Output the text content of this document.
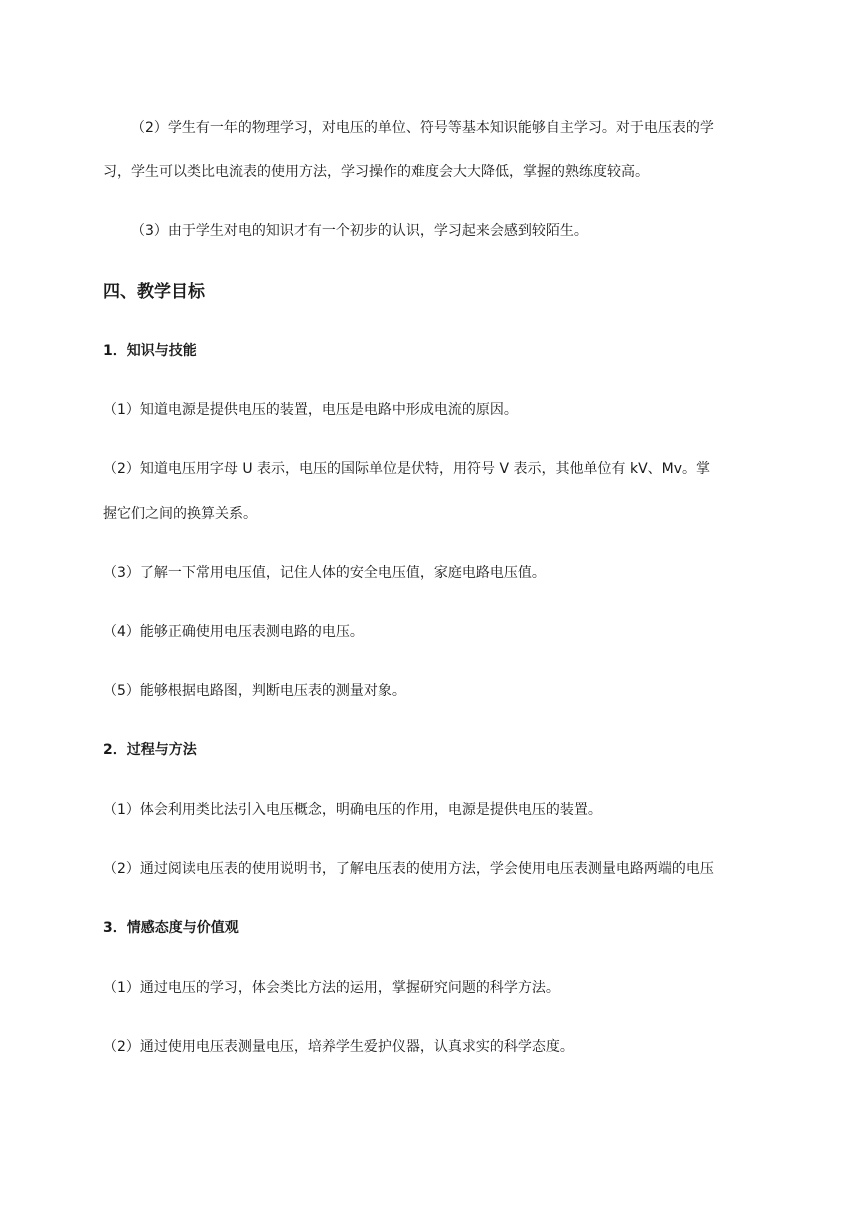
（2）学生有一年的物理学习，对电压的单位、符号等基本知识能够自主学习。对于电压表的学
习，学生可以类比电流表的使用方法，学习操作的难度会大大降低，掌握的熟练度较高。
（3）由于学生对电的知识才有一个初步的认识，学习起来会感到较陌生。
四、教学目标
1．知识与技能
（1）知道电源是提供电压的装置，电压是电路中形成电流的原因。
（2）知道电压用字母 U 表示，电压的国际单位是伏特，用符号 V 表示，其他单位有 kV、Mv。掌
握它们之间的换算关系。
（3）了解一下常用电压值，记住人体的安全电压值，家庭电路电压值。
（4）能够正确使用电压表测电路的电压。
（5）能够根据电路图，判断电压表的测量对象。
2．过程与方法
（1）体会利用类比法引入电压概念，明确电压的作用，电源是提供电压的装置。
（2）通过阅读电压表的使用说明书，了解电压表的使用方法，学会使用电压表测量电路两端的电压
3．情感态度与价值观
（1）通过电压的学习，体会类比方法的运用，掌握研究问题的科学方法。
（2）通过使用电压表测量电压，培养学生爱护仪器，认真求实的科学态度。
